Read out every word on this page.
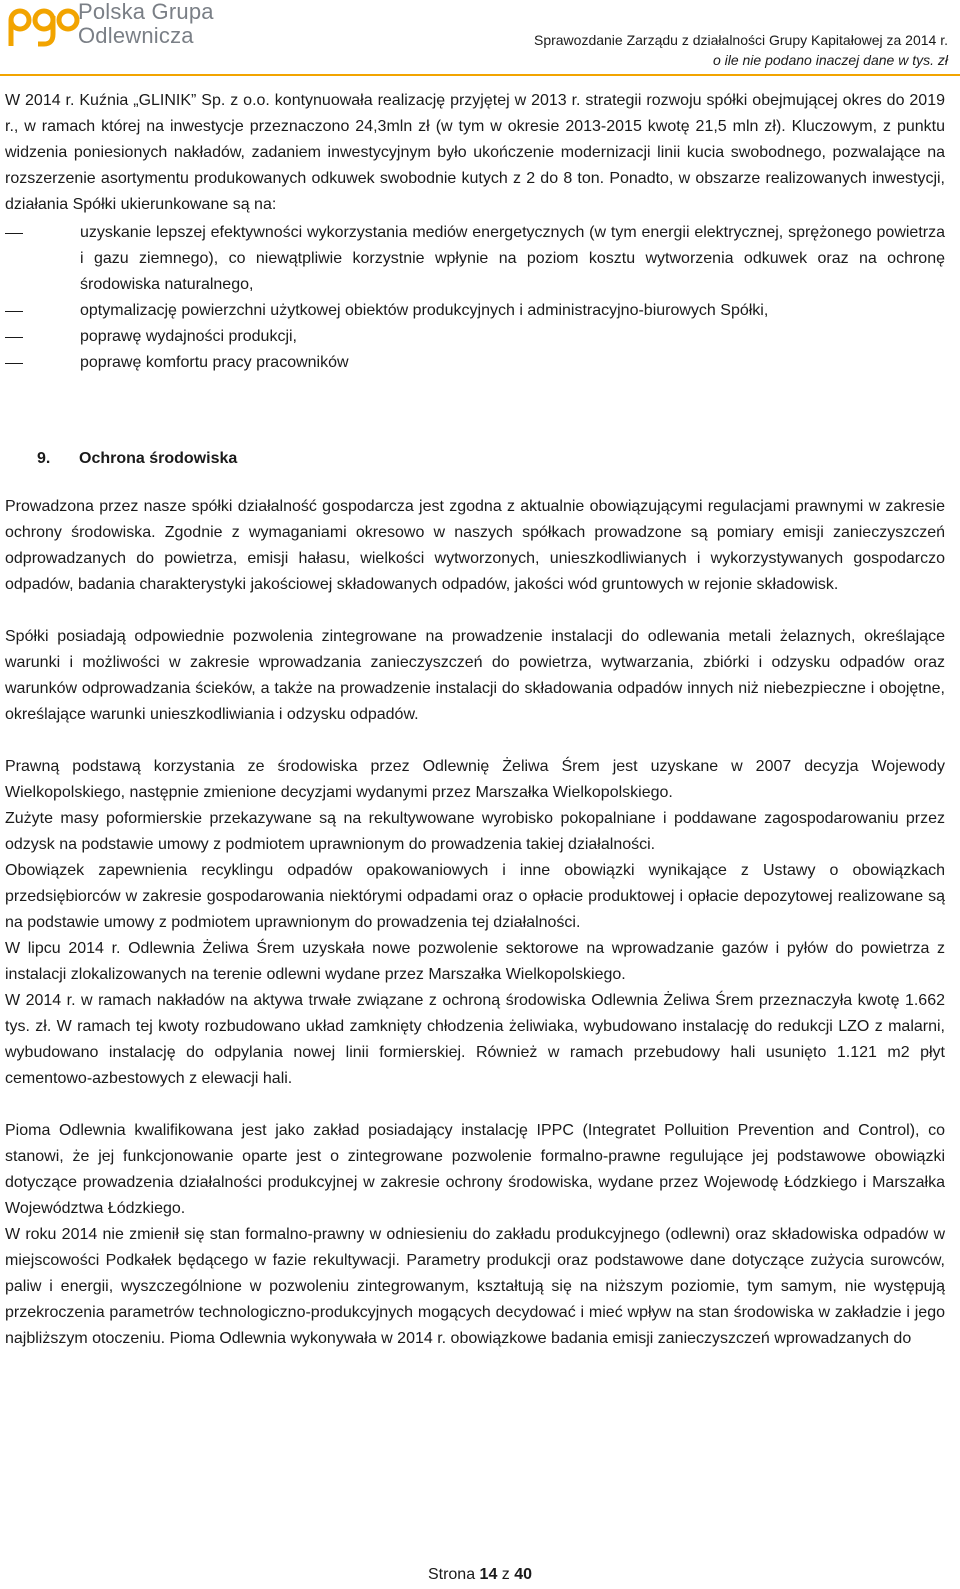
Polska Grupa
Odlewnicza	Sprawozdanie Zarządu z działalności Grupy Kapitałowej za 2014 r.
o ile nie podano inaczej dane w tys. zł

W 2014 r. Kuźnia „GLINIK” Sp. z o.o. kontynuowała realizację przyjętej w 2013 r. strategii rozwoju spółki obejmującej okres do 2019 r., w ramach której na inwestycje przeznaczono 24,3mln zł (w tym w okresie 2013-2015 kwotę 21,5 mln zł). Kluczowym, z punktu widzenia poniesionych nakładów, zadaniem inwestycyjnym było ukończenie modernizacji linii kucia swobodnego, pozwalające na rozszerzenie asortymentu produkowanych odkuwek swobodnie kutych z 2 do 8 ton. Ponadto, w obszarze realizowanych inwestycji, działania Spółki ukierunkowane są na:

uzyskanie lepszej efektywności wykorzystania mediów energetycznych (w tym energii elektrycznej, sprężonego powietrza i gazu ziemnego), co niewątpliwie korzystnie wpłynie na poziom kosztu wytworzenia odkuwek oraz na ochronę środowiska naturalnego,
optymalizację powierzchni użytkowej obiektów produkcyjnych i administracyjno-biurowych Spółki,
poprawę wydajności produkcji,
poprawę komfortu pracy pracowników
9. Ochrona środowiska

Prowadzona przez nasze spółki działalność gospodarcza jest zgodna z aktualnie obowiązującymi regulacjami prawnymi w zakresie ochrony środowiska. Zgodnie z wymaganiami okresowo w naszych spółkach prowadzone są pomiary emisji zanieczyszczeń odprowadzanych do powietrza, emisji hałasu, wielkości wytworzonych, unieszkodliwianych i wykorzystywanych gospodarczo odpadów, badania charakterystyki jakościowej składowanych odpadów, jakości wód gruntowych w rejonie składowisk.

Spółki posiadają odpowiednie pozwolenia zintegrowane na prowadzenie instalacji do odlewania metali żelaznych, określające warunki i możliwości w zakresie wprowadzania zanieczyszczeń do powietrza, wytwarzania, zbiórki i odzysku odpadów oraz warunków odprowadzania ścieków, a także na prowadzenie instalacji do składowania odpadów innych niż niebezpieczne i obojętne, określające warunki unieszkodliwiania i odzysku odpadów.

Prawną podstawą korzystania ze środowiska przez Odlewnię Żeliwa Śrem jest uzyskane w 2007 decyzja Wojewody Wielkopolskiego, następnie zmienione decyzjami wydanymi przez Marszałka Wielkopolskiego.

Zużyte masy poformierskie przekazywane są na rekultywowane wyrobisko pokopalniane i poddawane zagospodarowaniu przez odzysk na podstawie umowy z podmiotem uprawnionym do prowadzenia takiej działalności.

Obowiązek zapewnienia recyklingu odpadów opakowaniowych i inne obowiązki wynikające z Ustawy o obowiązkach przedsiębiorców w zakresie gospodarowania niektórymi odpadami oraz o opłacie produktowej i opłacie depozytowej realizowane są na podstawie umowy z podmiotem uprawnionym do prowadzenia tej działalności.

W lipcu 2014 r. Odlewnia Żeliwa Śrem uzyskała nowe pozwolenie sektorowe na wprowadzanie gazów i pyłów do powietrza z instalacji zlokalizowanych na terenie odlewni wydane przez Marszałka Wielkopolskiego.

W 2014 r. w ramach nakładów na aktywa trwałe związane z ochroną środowiska Odlewnia Żeliwa Śrem przeznaczyła kwotę 1.662 tys. zł. W ramach tej kwoty rozbudowano układ zamknięty chłodzenia żeliwiaka, wybudowano instalację do redukcji LZO z malarni, wybudowano instalację do odpylania nowej linii formierskiej. Również w ramach przebudowy hali usunięto 1.121 m2 płyt cementowo-azbestowych z elewacji hali.

Pioma Odlewnia kwalifikowana jest jako zakład posiadający instalację IPPC (Integratet Polluition Prevention and Control), co stanowi, że jej funkcjonowanie oparte jest o zintegrowane pozwolenie formalno-prawne regulujące jej podstawowe obowiązki dotyczące prowadzenia działalności produkcyjnej w zakresie ochrony środowiska, wydane przez Wojewodę Łódzkiego i Marszałka Województwa Łódzkiego.

W roku 2014 nie zmienił się stan formalno-prawny w odniesieniu do zakładu produkcyjnego (odlewni) oraz składowiska odpadów w miejscowości Podkałek będącego w fazie rekultywacji. Parametry produkcji oraz podstawowe dane dotyczące zużycia surowców, paliw i energii, wyszczególnione w pozwoleniu zintegrowanym, kształtują się na niższym poziomie, tym samym, nie występują przekroczenia parametrów technologiczno-produkcyjnych mogących decydować i mieć wpływ na stan środowiska w zakładzie i jego najbliższym otoczeniu. Pioma Odlewnia wykonywała w 2014 r. obowiązkowe badania emisji zanieczyszczeń wprowadzanych do

Strona 14 z 40
